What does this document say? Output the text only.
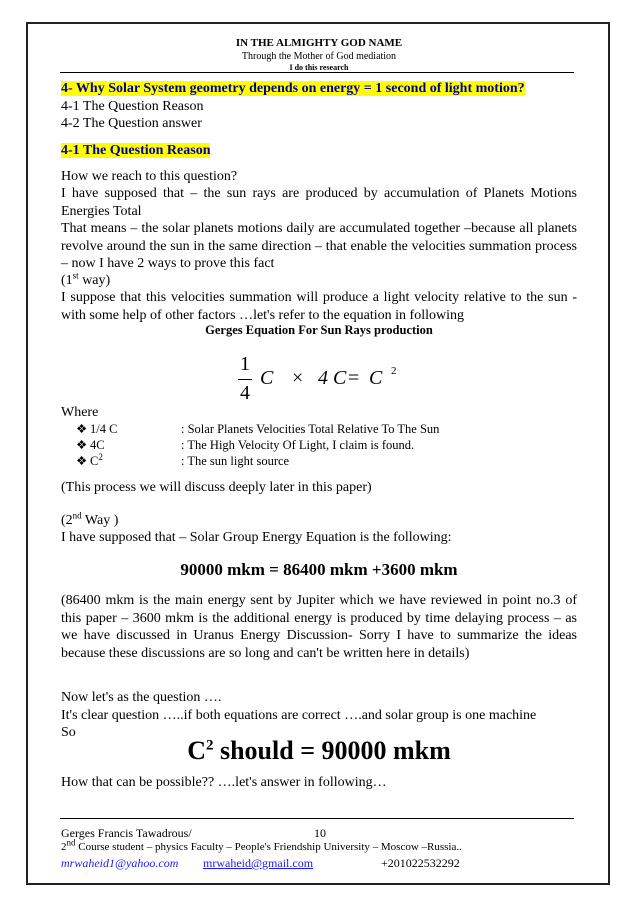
IN THE ALMIGHTY GOD NAME
Through the Mother of God mediation
I do this research
4- Why Solar System geometry depends on energy = 1 second of light motion?
4-1 The Question Reason
4-2 The Question answer
4-1 The Question Reason
How we reach to this question?
I have supposed that – the sun rays are produced by accumulation of Planets Motions Energies Total
That means – the solar planets motions daily are accumulated together –because all planets revolve around the sun in the same direction – that enable the velocities summation process – now I have 2 ways to prove this fact
(1st way)
I suppose that this velocities summation will produce a light velocity relative to the sun -with some help of other factors …let's refer to the equation in following
Gerges Equation For Sun Rays production
1
4
C × 4 C = C 2
Where
❖ 1/4 C	: Solar Planets Velocities Total Relative To The Sun
❖ 4C	: The High Velocity Of Light, I claim is found.
❖ $C^2$	: The sun light source
(This process we will discuss deeply later in this paper)
(2nd Way )
I have supposed that – Solar Group Energy Equation is the following:
90000 mkm = 86400 mkm +3600 mkm
(86400 mkm is the main energy sent by Jupiter which we have reviewed in point no.3 of this paper – 3600 mkm is the additional energy is produced by time delaying process – as we have discussed in Uranus Energy Discussion- Sorry I have to summarize the ideas because these discussions are so long and can't be written here in details)
Now let's as the question ….
It's clear question …..if both equations are correct ….and solar group is one machine
So
$C^2$ should = 90000 mkm
How that can be possible?? ….let's answer in following…
Gerges Francis Tawadrous/	10
2nd Course student – physics Faculty – People's Friendship University – Moscow –Russia..
mrwaheid1@yahoo.com mrwaheid@gmail.com	+201022532292
